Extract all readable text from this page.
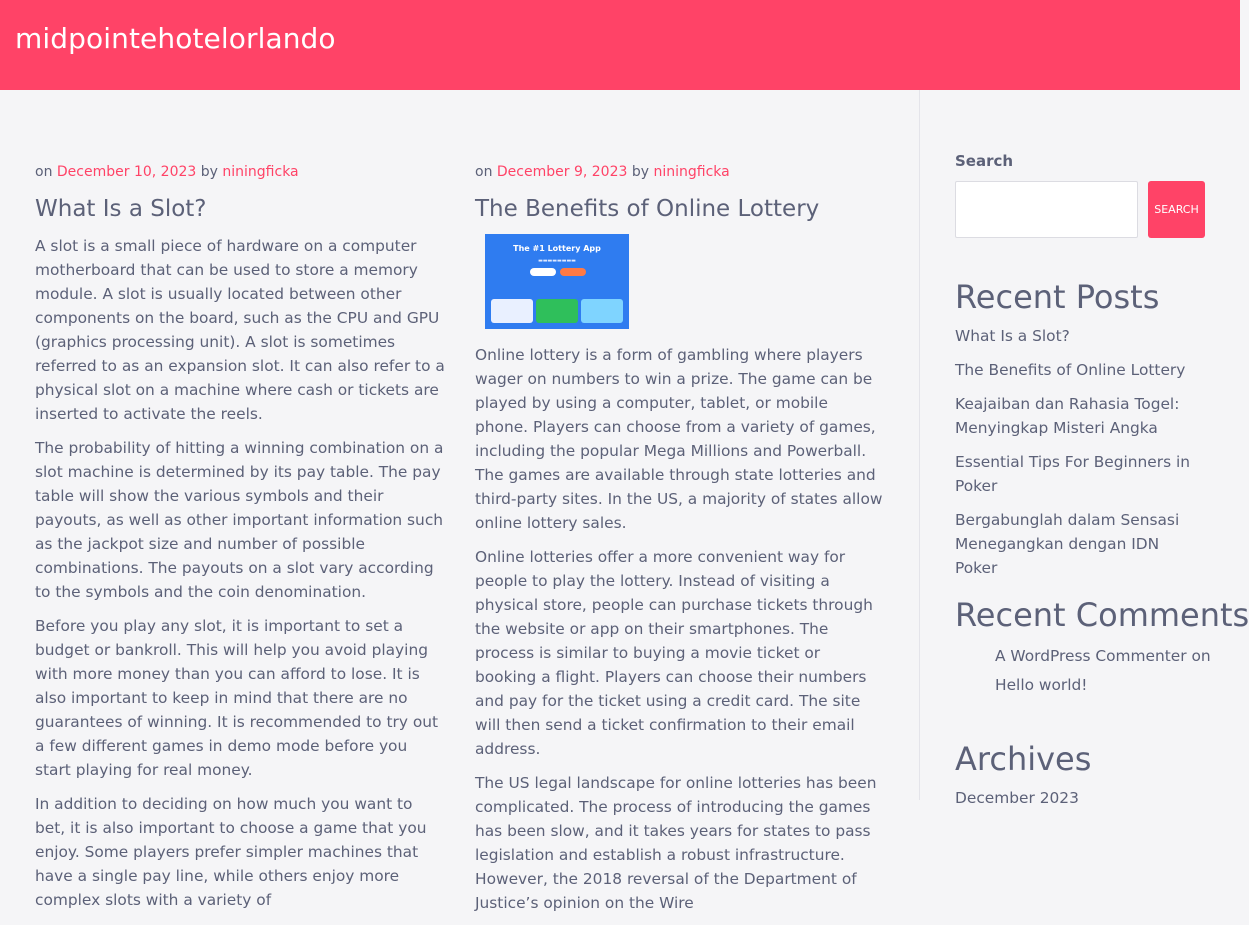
midpointehotelorlando
on December 10, 2023 by niningficka
What Is a Slot?

A slot is a small piece of hardware on a computer motherboard that can be used to store a memory module. A slot is usually located between other components on the board, such as the CPU and GPU (graphics processing unit). A slot is sometimes referred to as an expansion slot. It can also refer to a physical slot on a machine where cash or tickets are inserted to activate the reels.

The probability of hitting a winning combination on a slot machine is determined by its pay table. The pay table will show the various symbols and their payouts, as well as other important information such as the jackpot size and number of possible combinations. The payouts on a slot vary according to the symbols and the coin denomination.

Before you play any slot, it is important to set a budget or bankroll. This will help you avoid playing with more money than you can afford to lose. It is also important to keep in mind that there are no guarantees of winning. It is recommended to try out a few different games in demo mode before you start playing for real money.

In addition to deciding on how much you want to bet, it is also important to choose a game that you enjoy. Some players prefer simpler machines that have a single pay line, while others enjoy more complex slots with a variety of

on December 9, 2023 by niningficka
The Benefits of Online Lottery
The #1 Lottery App
▬▬▬▬▬▬▬▬

Online lottery is a form of gambling where players wager on numbers to win a prize. The game can be played by using a computer, tablet, or mobile phone. Players can choose from a variety of games, including the popular Mega Millions and Powerball. The games are available through state lotteries and third-party sites. In the US, a majority of states allow online lottery sales.

Online lotteries offer a more convenient way for people to play the lottery. Instead of visiting a physical store, people can purchase tickets through the website or app on their smartphones. The process is similar to buying a movie ticket or booking a flight. Players can choose their numbers and pay for the ticket using a credit card. The site will then send a ticket confirmation to their email address.

The US legal landscape for online lotteries has been complicated. The process of introducing the games has been slow, and it takes years for states to pass legislation and establish a robust infrastructure. However, the 2018 reversal of the Department of Justice’s opinion on the Wire

Search
SEARCH
Recent Posts
What Is a Slot?
The Benefits of Online Lottery
Keajaiban dan Rahasia Togel: Menyingkap Misteri Angka
Essential Tips For Beginners in Poker
Bergabunglah dalam Sensasi Menegangkan dengan IDN Poker
Recent Comments
A WordPress Commenter on Hello world!
Archives
December 2023
